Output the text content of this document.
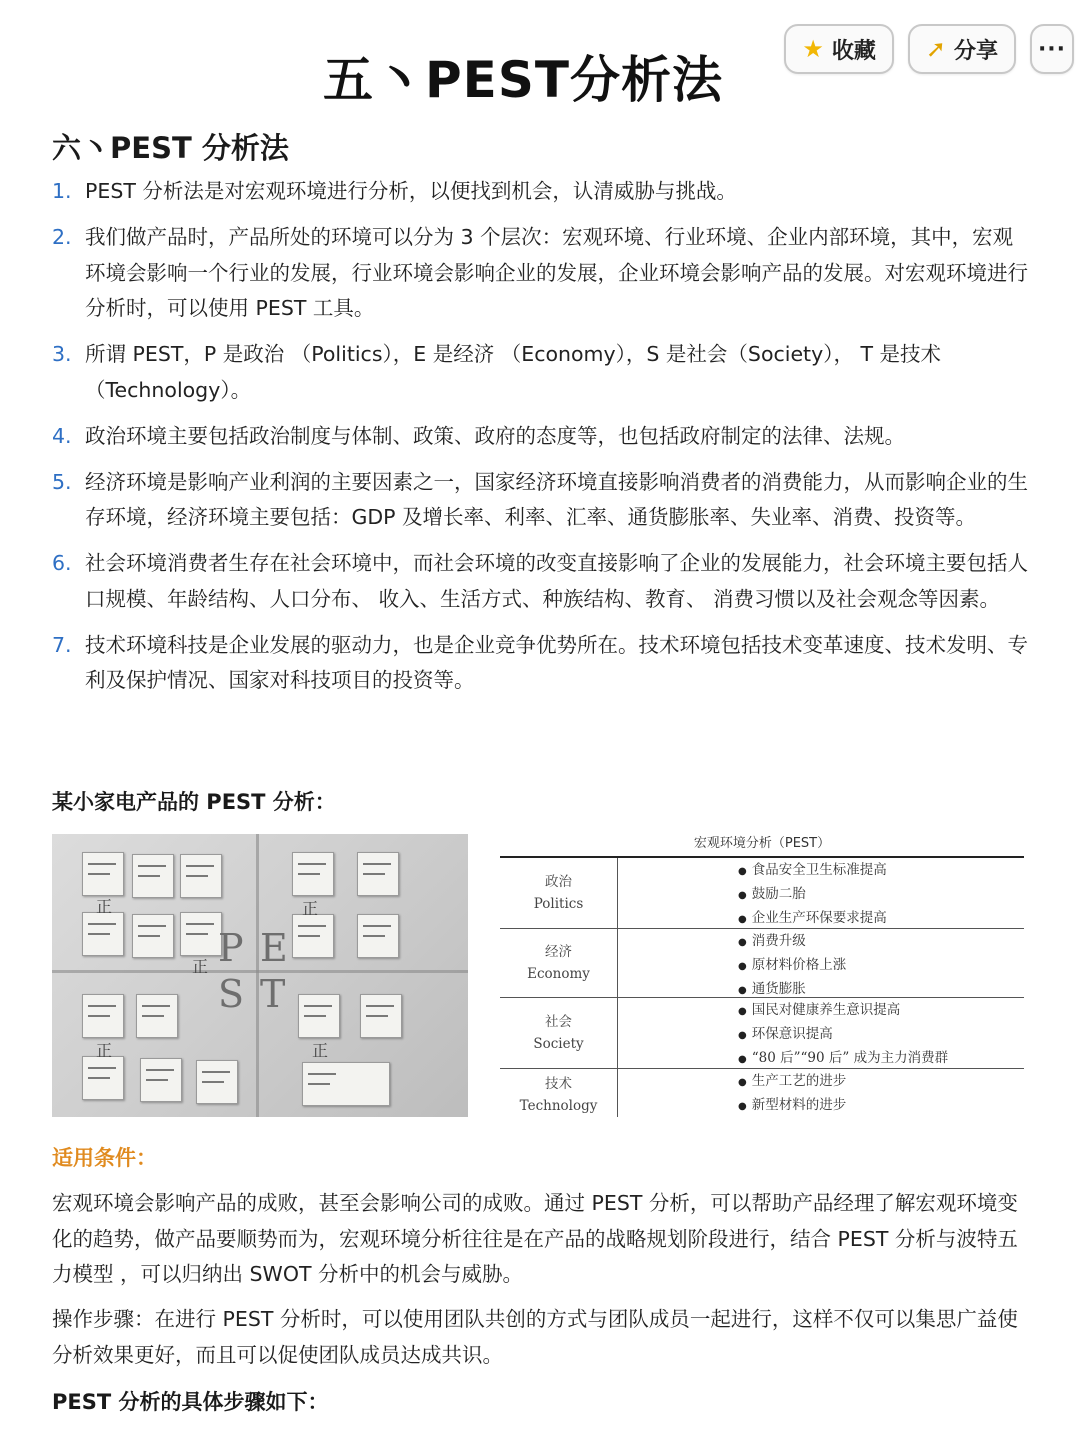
五丶PEST分析法
★ 收藏 ➚ 分享 ···
六丶PEST 分析法
1. PEST 分析法是对宏观环境进行分析，以便找到机会，认清威胁与挑战。
2. 我们做产品时，产品所处的环境可以分为 3 个层次：宏观环境、行业环境、企业内部环境，其中，宏观环境会影响一个行业的发展，行业环境会影响企业的发展，企业环境会影响产品的发展。对宏观环境进行分析时，可以使用 PEST 工具。
3. 所谓 PEST，P 是政治 （Politics），E 是经济 （Economy），S 是社会（Society）， T 是技术（Technology）。
4. 政治环境主要包括政治制度与体制、政策、政府的态度等，也包括政府制定的法律、法规。
5. 经济环境是影响产业利润的主要因素之一，国家经济环境直接影响消费者的消费能力，从而影响企业的生存环境，经济环境主要包括：GDP 及增长率、利率、汇率、通货膨胀率、失业率、消费、投资等。
6. 社会环境消费者生存在社会环境中，而社会环境的改变直接影响了企业的发展能力，社会环境主要包括人口规模、年龄结构、人口分布、 收入、生活方式、种族结构、教育、 消费习惯以及社会观念等因素。
7. 技术环境科技是企业发展的驱动力，也是企业竞争优势所在。技术环境包括技术变革速度、技术发明、专利及保护情况、国家对科技项目的投资等。
某小家电产品的 PEST 分析：
正	正
正
正	正
P E
S T
宏观环境分析（PEST）
政治
Politics
● 食品安全卫生标准提高
● 鼓励二胎
● 企业生产环保要求提高
经济
Economy
● 消费升级
● 原材料价格上涨
● 通货膨胀
社会
Society
● 国民对健康养生意识提高
● 环保意识提高
● “80 后”“90 后” 成为主力消费群
技术
Technology
● 生产工艺的进步
● 新型材料的进步
适用条件：

宏观环境会影响产品的成败，甚至会影响公司的成败。通过 PEST 分析，可以帮助产品经理了解宏观环境变化的趋势，做产品要顺势而为，宏观环境分析往往是在产品的战略规划阶段进行，结合 PEST 分析与波特五力模型 ，可以归纳出 SWOT 分析中的机会与威胁。

操作步骤：在进行 PEST 分析时，可以使用团队共创的方式与团队成员一起进行，这样不仅可以集思广益使分析效果更好，而且可以促使团队成员达成共识。

PEST 分析的具体步骤如下：
